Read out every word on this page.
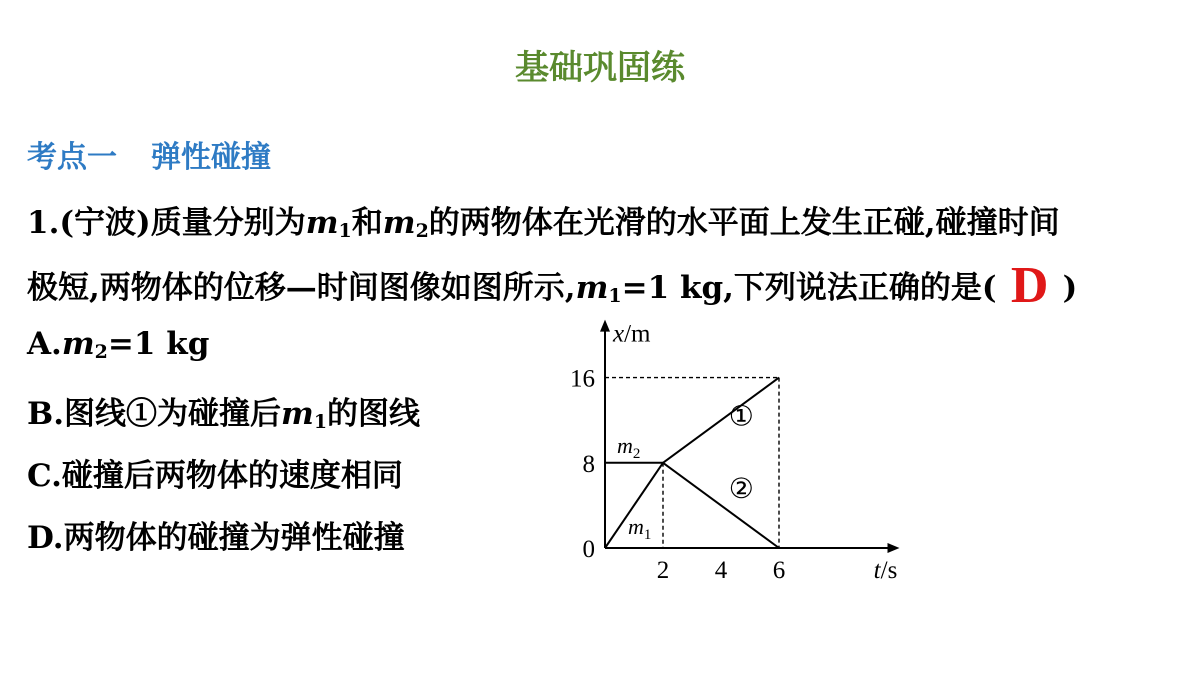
基础巩固练
考点一 弹性碰撞
1.(宁波)质量分别为$m_1$和$m_2$的两物体在光滑的水平面上发生正碰,碰撞时间
极短,两物体的位移—时间图像如图所示$,m_1=1$ kg,下列说法正确的是( D )
$A.m_2=1$ kg
B.图线①为碰撞后$m_1$的图线
C.碰撞后两物体的速度相同
D.两物体的碰撞为弹性碰撞
16
8
0
2 4 6	t/s
x/m
$m_2$
$m_1$
①
②
